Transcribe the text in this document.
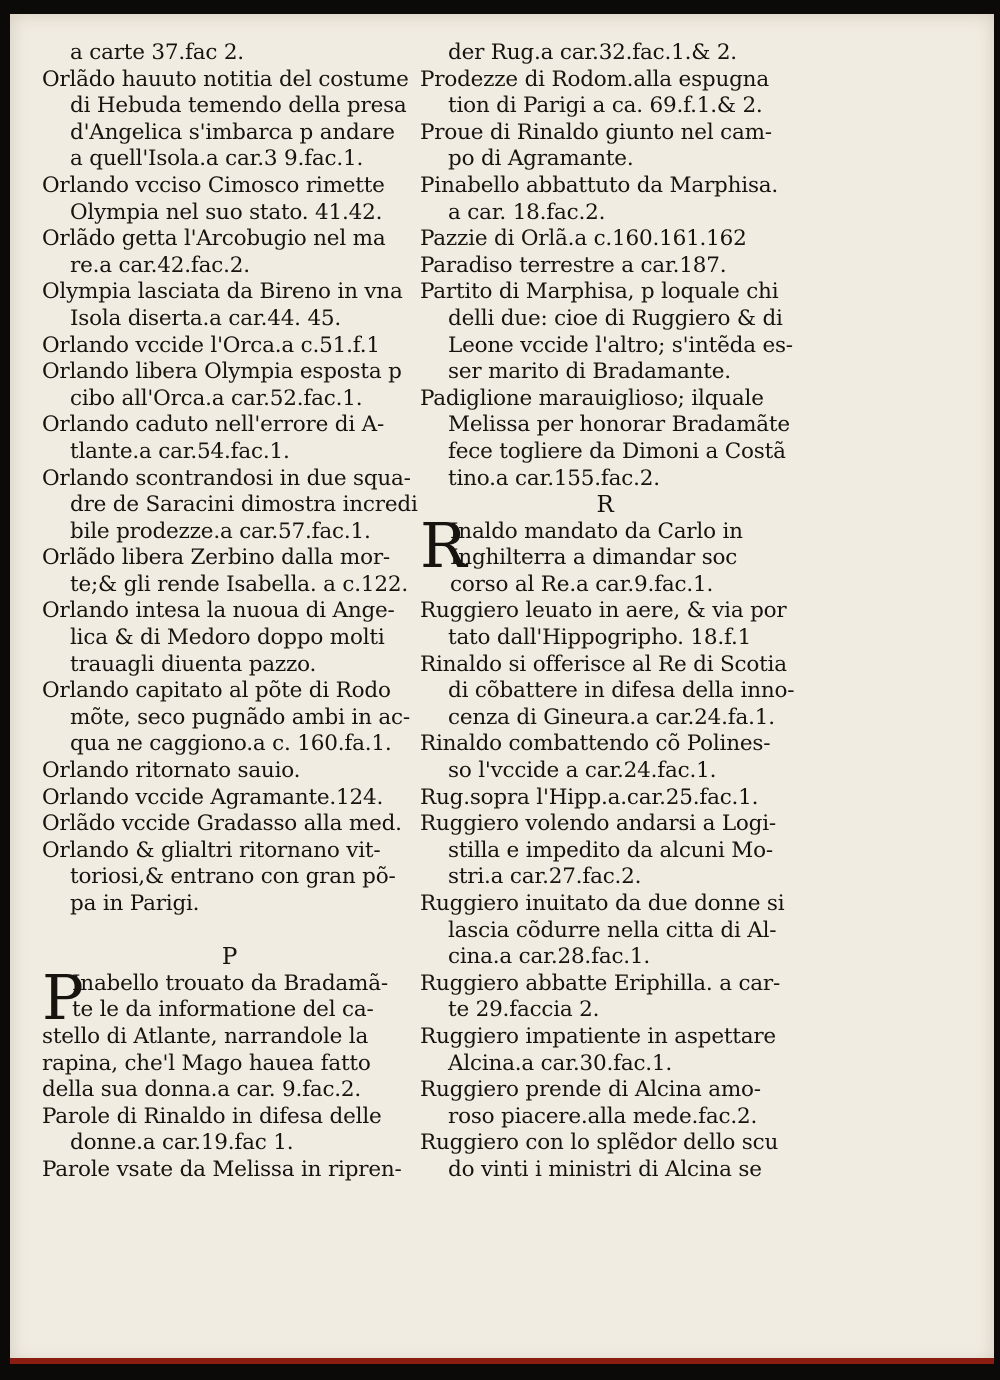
a carte 37.fac 2.
Orlãdo hauuto notitia del costume
di Hebuda temendo della presa
d'Angelica s'imbarca p andare
a quell'Isola.a car.3 9.fac.1.
Orlando vcciso Cimosco rimette
Olympia nel suo stato. 41.42.
Orlãdo getta l'Arcobugio nel ma
re.a car.42.fac.2.
Olympia lasciata da Bireno in vna
Isola diserta.a car.44. 45.
Orlando vccide l'Orca.a c.51.f.1
Orlando libera Olympia esposta p
cibo all'Orca.a car.52.fac.1.
Orlando caduto nell'errore di A-
tlante.a car.54.fac.1.
Orlando scontrandosi in due squa-
dre de Saracini dimostra incredi
bile prodezze.a car.57.fac.1.
Orlãdo libera Zerbino dalla mor-
te;& gli rende Isabella. a c.122.
Orlando intesa la nuoua di Ange-
lica & di Medoro doppo molti
trauagli diuenta pazzo.
Orlando capitato al põte di Rodo
mõte, seco pugnãdo ambi in ac-
qua ne caggiono.a c. 160.fa.1.
Orlando ritornato sauio.
Orlando vccide Agramante.124.
Orlãdo vccide Gradasso alla med.
Orlando & glialtri ritornano vit-
toriosi,& entrano con gran põ-
pa in Parigi.
P
P
Inabello trouato da Bradamã-
te le da informatione del ca-
stello di Atlante, narrandole la
rapina, che'l Mago hauea fatto
della sua donna.a car. 9.fac.2.
Parole di Rinaldo in difesa delle
donne.a car.19.fac 1.
Parole vsate da Melissa in ripren-
der Rug.a car.32.fac.1.& 2.
Prodezze di Rodom.alla espugna
tion di Parigi a ca. 69.f.1.& 2.
Proue di Rinaldo giunto nel cam-
po di Agramante.
Pinabello abbattuto da Marphisa.
a car. 18.fac.2.
Pazzie di Orlã.a c.160.161.162
Paradiso terrestre a car.187.
Partito di Marphisa, p loquale chi
delli due: cioe di Ruggiero & di
Leone vccide l'altro; s'intẽda es-
ser marito di Bradamante.
Padiglione marauiglioso; ilquale
Melissa per honorar Bradamãte
fece togliere da Dimoni a Costã
tino.a car.155.fac.2.
R
R
Inaldo mandato da Carlo in
Inghilterra a dimandar soc
corso al Re.a car.9.fac.1.
Ruggiero leuato in aere, & via por
tato dall'Hippogripho. 18.f.1
Rinaldo si offerisce al Re di Scotia
di cõbattere in difesa della inno-
cenza di Gineura.a car.24.fa.1.
Rinaldo combattendo cõ Polines-
so l'vccide a car.24.fac.1.
Rug.sopra l'Hipp.a.car.25.fac.1.
Ruggiero volendo andarsi a Logi-
stilla e impedito da alcuni Mo-
stri.a car.27.fac.2.
Ruggiero inuitato da due donne si
lascia cõdurre nella citta di Al-
cina.a car.28.fac.1.
Ruggiero abbatte Eriphilla. a car-
te 29.faccia 2.
Ruggiero impatiente in aspettare
Alcina.a car.30.fac.1.
Ruggiero prende di Alcina amo-
roso piacere.alla mede.fac.2.
Ruggiero con lo splẽdor dello scu
do vinti i ministri di Alcina se
